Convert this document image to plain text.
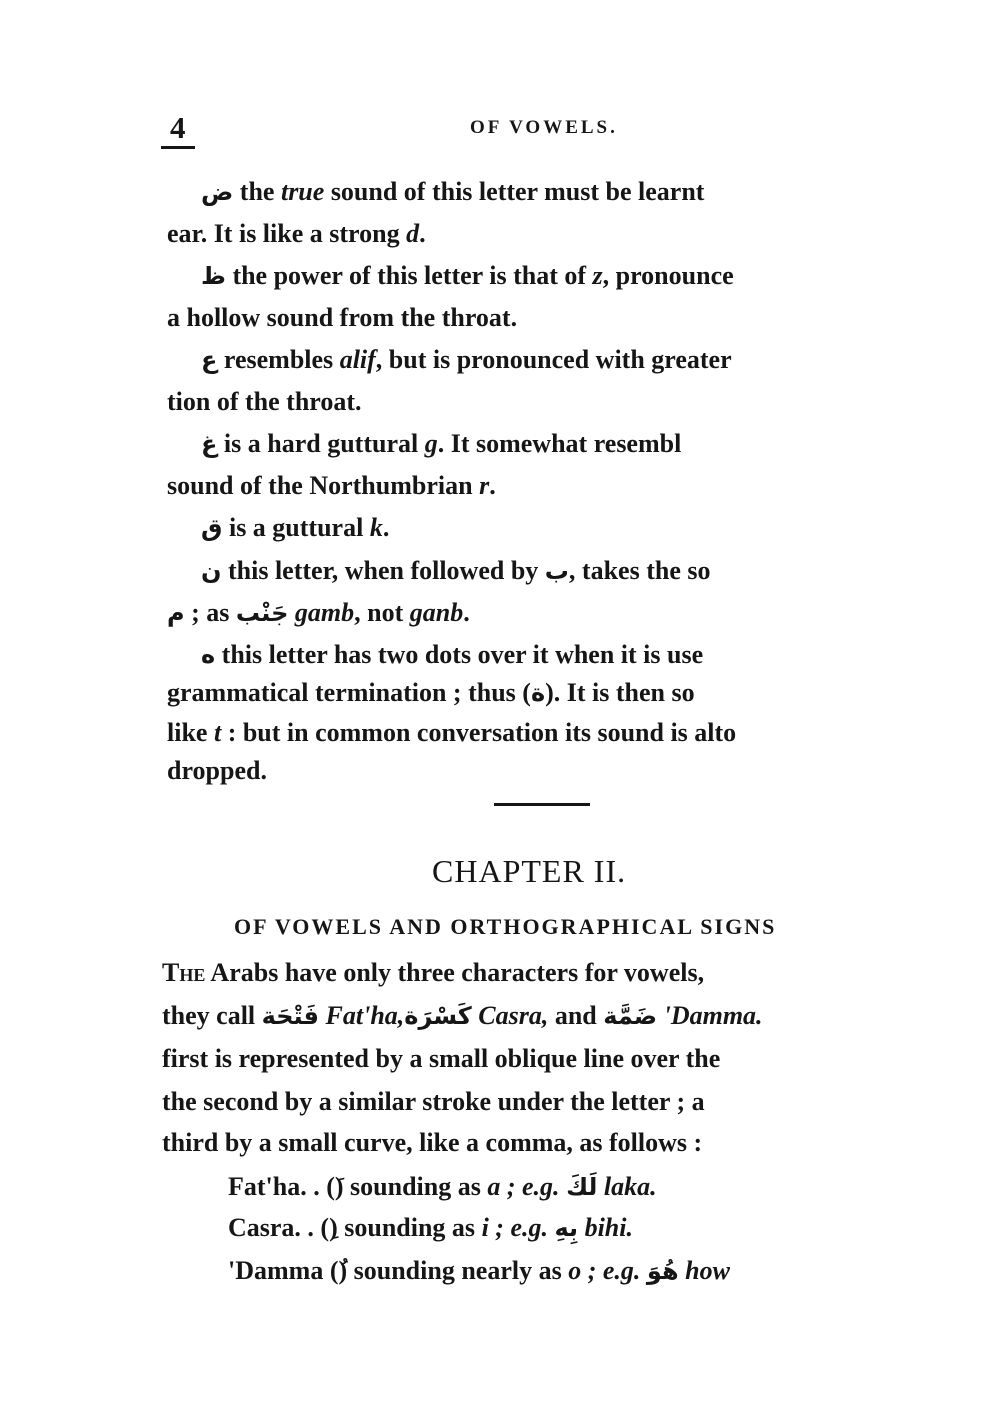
4	OF VOWELS.
ض the true sound of this letter must be learnt
ear. It is like a strong d.
ظ the power of this letter is that of z, pronounce
a hollow sound from the throat.
ع resembles alif, but is pronounced with greater
tion of the throat.
غ is a hard guttural g. It somewhat resembl
sound of the Northumbrian r.
ق is a guttural k.
ن this letter, when followed by ب, takes the so
م ; as جَنْب gamb, not ganb.
ه this letter has two dots over it when it is use
grammatical termination ; thus (ة). It is then so
like t : but in common conversation its sound is alto
dropped.
CHAPTER II.
OF VOWELS AND ORTHOGRAPHICAL SIGNS
The Arabs have only three characters for vowels,
they call فَتْحَة Fat'ha,كَسْرَة Casra, and ضَمَّة 'Damma.
first is represented by a small oblique line over the
the second by a similar stroke under the letter ; a
third by a small curve, like a comma, as follows :
Fat'ha. . () sounding as a ; e.g. لَكَ laka.
Casra. . () sounding as i ; e.g. بِهِ bihi.
'Damma () sounding nearly as o ; e.g. هُوَ how
